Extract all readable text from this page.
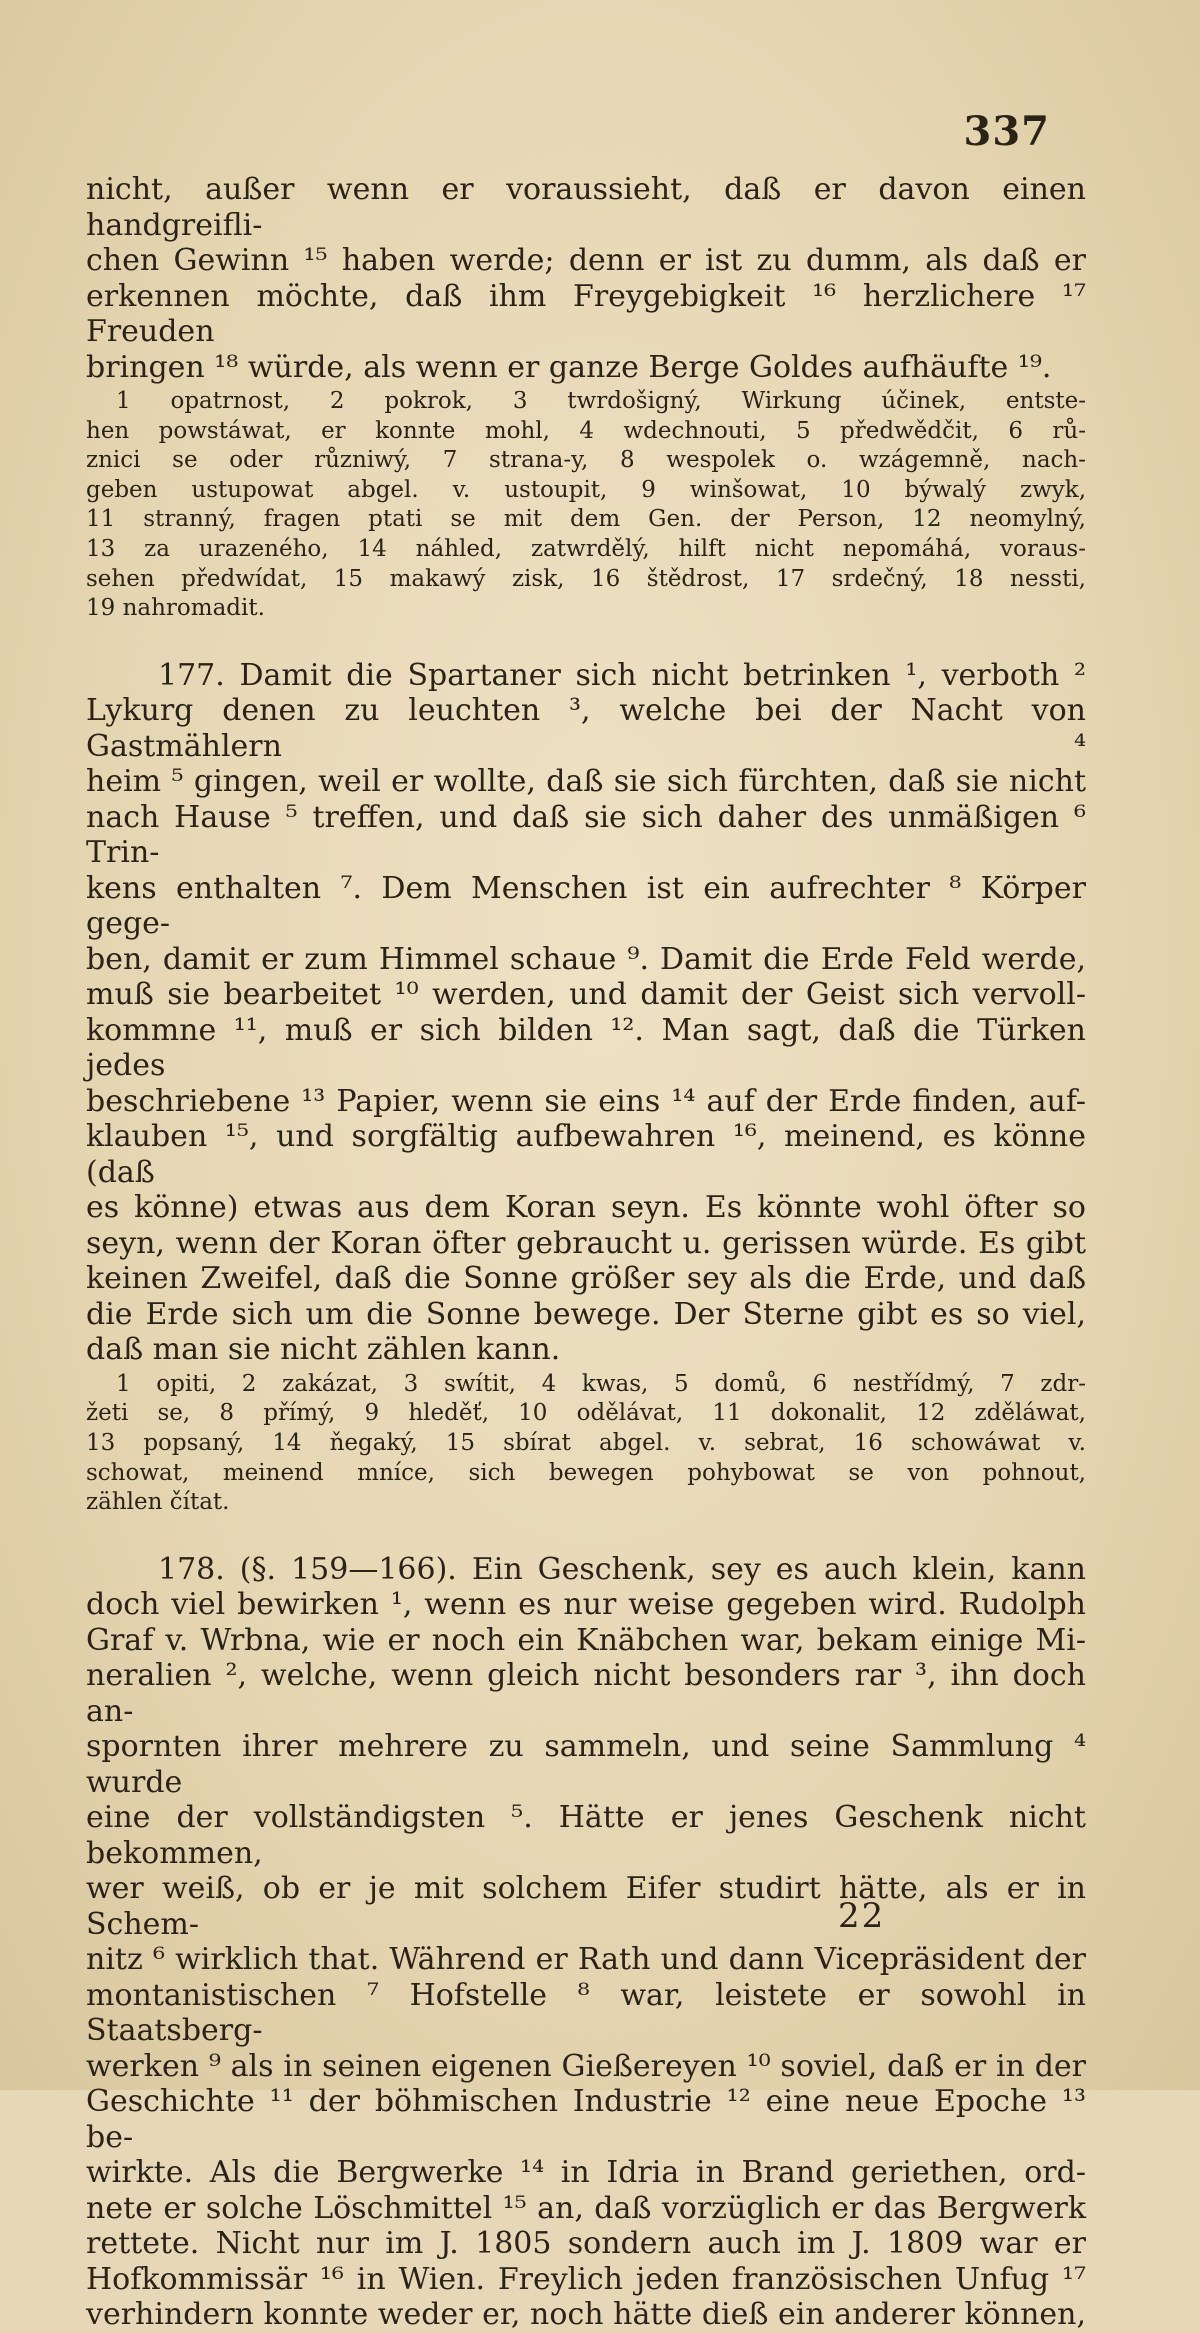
337
nicht, außer wenn er voraussieht, daß er davon einen handgreifli-
chen Gewinn ¹⁵ haben werde; denn er ist zu dumm, als daß er
erkennen möchte, daß ihm Freygebigkeit ¹⁶ herzlichere ¹⁷ Freuden
bringen ¹⁸ würde, als wenn er ganze Berge Goldes aufhäufte ¹⁹.
1 opatrnost, 2 pokrok, 3 twrdošigný, Wirkung účinek, entste-
hen powstáwat, er konnte mohl, 4 wdechnouti, 5 předwědčit, 6 rů-
znici se oder různiwý, 7 strana-y, 8 wespolek o. wzágemně, nach-
geben ustupowat abgel. v. ustoupit, 9 winšowat, 10 býwalý zwyk,
11 stranný, fragen ptati se mit dem Gen. der Person, 12 neomylný,
13 za urazeného, 14 náhled, zatwrdělý, hilft nicht nepomáhá, voraus-
sehen předwídat, 15 makawý zisk, 16 štědrost, 17 srdečný, 18 nessti,
19 nahromadit.
177. Damit die Spartaner sich nicht betrinken ¹, verboth ²
Lykurg denen zu leuchten ³, welche bei der Nacht von Gastmählern ⁴
heim ⁵ gingen, weil er wollte, daß sie sich fürchten, daß sie nicht
nach Hause ⁵ treffen, und daß sie sich daher des unmäßigen ⁶ Trin-
kens enthalten ⁷. Dem Menschen ist ein aufrechter ⁸ Körper gege-
ben, damit er zum Himmel schaue ⁹. Damit die Erde Feld werde,
muß sie bearbeitet ¹⁰ werden, und damit der Geist sich vervoll-
kommne ¹¹, muß er sich bilden ¹². Man sagt, daß die Türken jedes
beschriebene ¹³ Papier, wenn sie eins ¹⁴ auf der Erde finden, auf-
klauben ¹⁵, und sorgfältig aufbewahren ¹⁶, meinend, es könne (daß
es könne) etwas aus dem Koran seyn. Es könnte wohl öfter so
seyn, wenn der Koran öfter gebraucht u. gerissen würde. Es gibt
keinen Zweifel, daß die Sonne größer sey als die Erde, und daß
die Erde sich um die Sonne bewege. Der Sterne gibt es so viel,
daß man sie nicht zählen kann.
1 opiti, 2 zakázat, 3 swítit, 4 kwas, 5 domů, 6 nestřídmý, 7 zdr-
žeti se, 8 přímý, 9 hleděť, 10 odělávat, 11 dokonalit, 12 zděláwat,
13 popsaný, 14 ňegaký, 15 sbírat abgel. v. sebrat, 16 schowáwat v.
schowat, meinend mníce, sich bewegen pohybowat se von pohnout,
zählen čítat.
178. (§. 159—166). Ein Geschenk, sey es auch klein, kann
doch viel bewirken ¹, wenn es nur weise gegeben wird. Rudolph
Graf v. Wrbna, wie er noch ein Knäbchen war, bekam einige Mi-
neralien ², welche, wenn gleich nicht besonders rar ³, ihn doch an-
spornten ihrer mehrere zu sammeln, und seine Sammlung ⁴ wurde
eine der vollständigsten ⁵. Hätte er jenes Geschenk nicht bekommen,
wer weiß, ob er je mit solchem Eifer studirt hätte, als er in Schem-
nitz ⁶ wirklich that. Während er Rath und dann Vicepräsident der
montanistischen ⁷ Hofstelle ⁸ war, leistete er sowohl in Staatsberg-
werken ⁹ als in seinen eigenen Gießereyen ¹⁰ soviel, daß er in der
Geschichte ¹¹ der böhmischen Industrie ¹² eine neue Epoche ¹³ be-
wirkte. Als die Bergwerke ¹⁴ in Idria in Brand geriethen, ord-
nete er solche Löschmittel ¹⁵ an, daß vorzüglich er das Bergwerk
rettete. Nicht nur im J. 1805 sondern auch im J. 1809 war er
Hofkommissär ¹⁶ in Wien. Freylich jeden französischen Unfug ¹⁷
verhindern konnte weder er, noch hätte dieß ein anderer können,
22
